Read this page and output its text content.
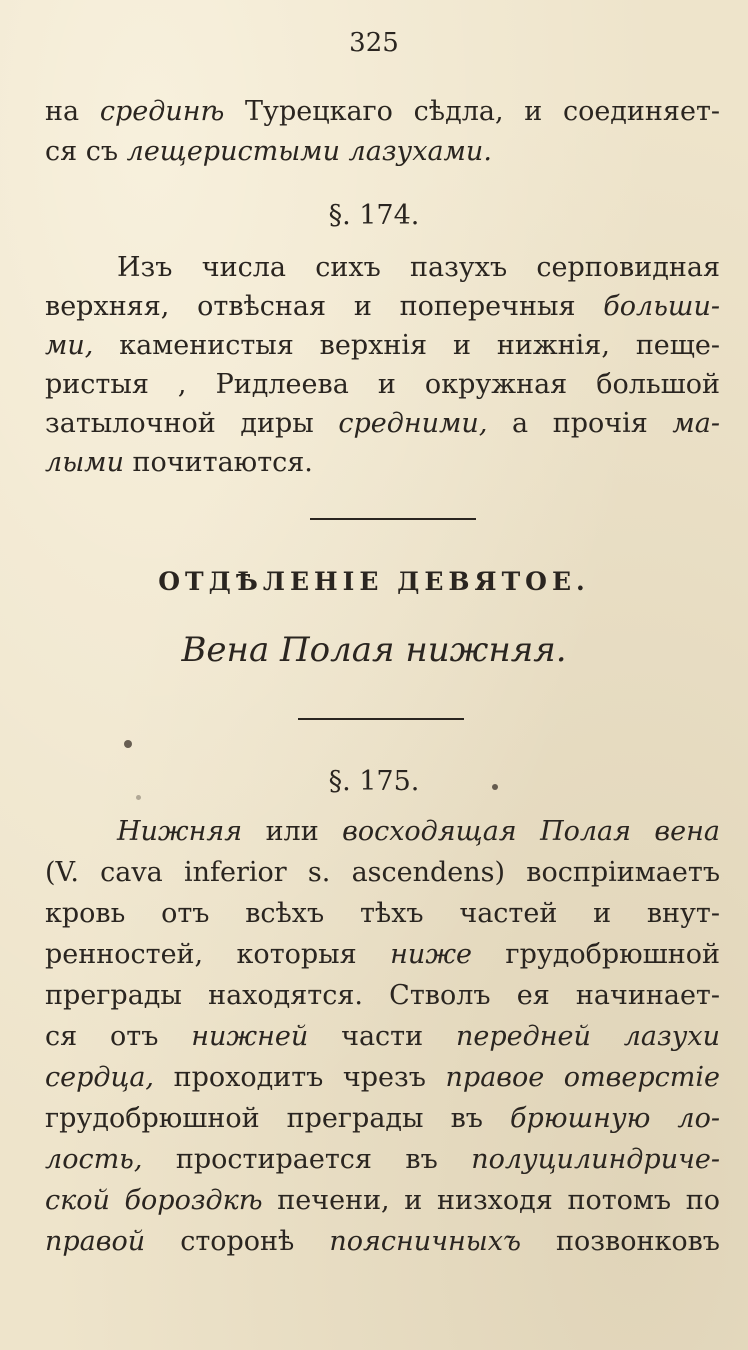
325
на срединѣ Турецкаго сѣдла, и соединяет-
ся съ лещеристыми лазухами.
§. 174.
Изъ числа сихъ пазухъ серповидная
верхняя, отвѣсная и поперечныя больши-
ми, каменистыя верхнія и нижнія, пеще-
ристыя , Ридлеева и окружная большой
затылочной диры средними, а прочія ма-
лыми почитаются.
ОТДѢЛЕНІЕ ДЕВЯТОЕ.
Вена Полая нижняя.
§. 175.
Нижняя или восходящая Полая вена
(V. cava inferior s. ascendens) воспріимаетъ
кровь отъ всѣхъ тѣхъ частей и внут-
ренностей, которыя ниже грудобрюшной
преграды находятся. Стволъ ея начинает-
ся отъ нижней части передней лазухи
сердца, проходитъ чрезъ правое отверстіе
грудобрюшной преграды въ брюшную ло-
лость, простирается въ полуцилиндриче-
ской бороздкѣ печени, и низходя потомъ по
правой сторонѣ поясничныхъ позвонковъ
